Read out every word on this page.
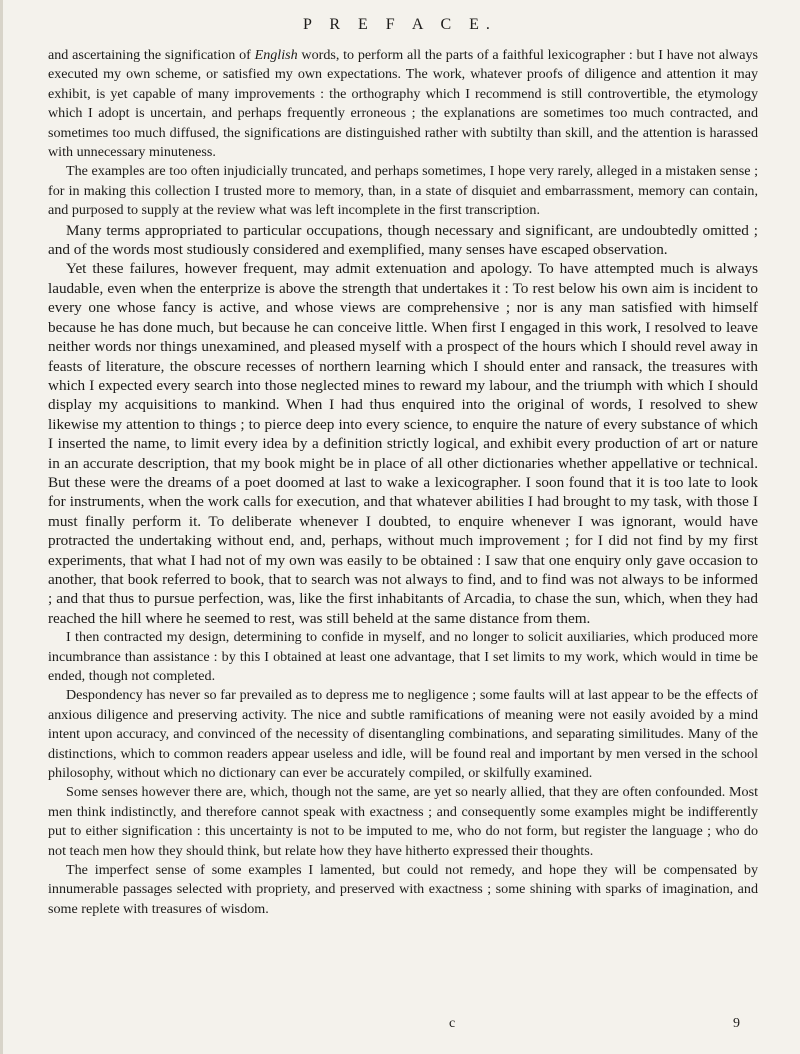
P R E F A C E.

and ascertaining the signification of English words, to perform all the parts of a faithful lexicographer : but I have not always executed my own scheme, or satisfied my own expectations. The work, whatever proofs of diligence and attention it may exhibit, is yet capable of many improvements : the orthography which I recommend is still controvertible, the etymology which I adopt is uncertain, and perhaps frequently erroneous ; the explanations are sometimes too much contracted, and sometimes too much diffused, the significations are distinguished rather with subtilty than skill, and the attention is harassed with unnecessary minuteness.

The examples are too often injudicially truncated, and perhaps sometimes, I hope very rarely, alleged in a mistaken sense ; for in making this collection I trusted more to memory, than, in a state of disquiet and embarrassment, memory can contain, and purposed to supply at the review what was left incomplete in the first transcription.

Many terms appropriated to particular occupations, though necessary and significant, are undoubtedly omitted ; and of the words most studiously considered and exemplified, many senses have escaped observation.

Yet these failures, however frequent, may admit extenuation and apology. To have attempted much is always laudable, even when the enterprize is above the strength that undertakes it : To rest below his own aim is incident to every one whose fancy is active, and whose views are comprehensive ; nor is any man satisfied with himself because he has done much, but because he can conceive little. When first I engaged in this work, I resolved to leave neither words nor things unexamined, and pleased myself with a prospect of the hours which I should revel away in feasts of literature, the obscure recesses of northern learning which I should enter and ransack, the treasures with which I expected every search into those neglected mines to reward my labour, and the triumph with which I should display my acquisitions to mankind. When I had thus enquired into the original of words, I resolved to shew likewise my attention to things ; to pierce deep into every science, to enquire the nature of every substance of which I inserted the name, to limit every idea by a definition strictly logical, and exhibit every production of art or nature in an accurate description, that my book might be in place of all other dictionaries whether appellative or technical. But these were the dreams of a poet doomed at last to wake a lexicographer. I soon found that it is too late to look for instruments, when the work calls for execution, and that whatever abilities I had brought to my task, with those I must finally perform it. To deliberate whenever I doubted, to enquire whenever I was ignorant, would have protracted the undertaking without end, and, perhaps, without much improvement ; for I did not find by my first experiments, that what I had not of my own was easily to be obtained : I saw that one enquiry only gave occasion to another, that book referred to book, that to search was not always to find, and to find was not always to be informed ; and that thus to pursue perfection, was, like the first inhabitants of Arcadia, to chase the sun, which, when they had reached the hill where he seemed to rest, was still beheld at the same distance from them.

I then contracted my design, determining to confide in myself, and no longer to solicit auxiliaries, which produced more incumbrance than assistance : by this I obtained at least one advantage, that I set limits to my work, which would in time be ended, though not completed.

Despondency has never so far prevailed as to depress me to negligence ; some faults will at last appear to be the effects of anxious diligence and preserving activity. The nice and subtle ramifications of meaning were not easily avoided by a mind intent upon accuracy, and convinced of the necessity of disentangling combinations, and separating similitudes. Many of the distinctions, which to common readers appear useless and idle, will be found real and important by men versed in the school philosophy, without which no dictionary can ever be accurately compiled, or skilfully examined.

Some senses however there are, which, though not the same, are yet so nearly allied, that they are often confounded. Most men think indistinctly, and therefore cannot speak with exactness ; and consequently some examples might be indifferently put to either signification : this uncertainty is not to be imputed to me, who do not form, but register the language ; who do not teach men how they should think, but relate how they have hitherto expressed their thoughts.

The imperfect sense of some examples I lamented, but could not remedy, and hope they will be compensated by innumerable passages selected with propriety, and preserved with exactness ; some shining with sparks of imagination, and some replete with treasures of wisdom.

c	9
